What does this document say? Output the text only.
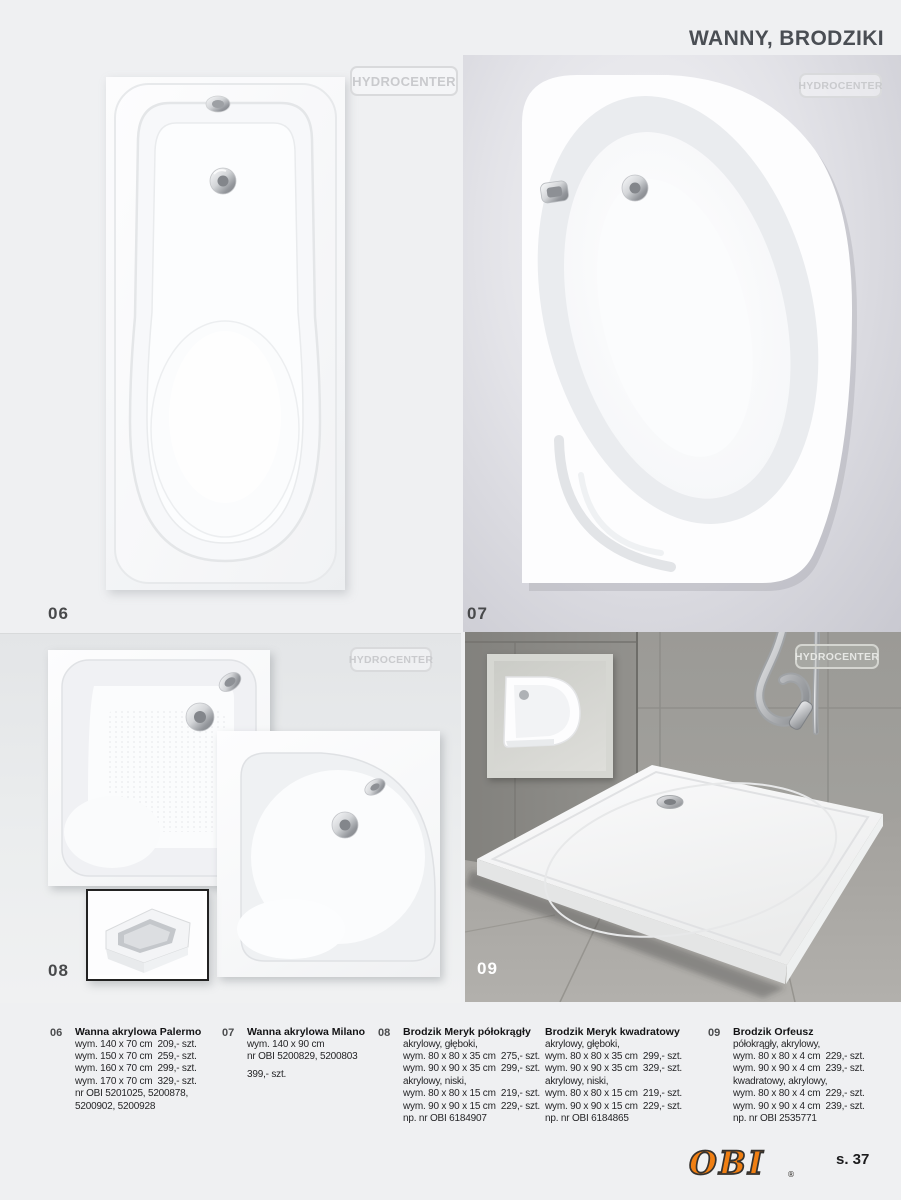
WANNY, BRODZIKI
HYDROCENTER
06
HYDROCENTER
07
HYDROCENTER
08
HYDROCENTER
09
06	Wanna akrylowa Palermo
wym. 140 x 70 cm  209,- szt.
wym. 150 x 70 cm  259,- szt.
wym. 160 x 70 cm  299,- szt.
wym. 170 x 70 cm  329,- szt.
nr OBI 5201025, 5200878,
5200902, 5200928
07	Wanna akrylowa Milano
wym. 140 x 90 cm
nr OBI 5200829, 5200803
399,- szt.
08	Brodzik Meryk półokrągły
akrylowy, głęboki,
wym. 80 x 80 x 35 cm  275,- szt.
wym. 90 x 90 x 35 cm  299,- szt.
akrylowy, niski,
wym. 80 x 80 x 15 cm  219,- szt.
wym. 90 x 90 x 15 cm  229,- szt.
np. nr OBI 6184907
Brodzik Meryk kwadratowy
akrylowy, głęboki,
wym. 80 x 80 x 35 cm  299,- szt.
wym. 90 x 90 x 35 cm  329,- szt.
akrylowy, niski,
wym. 80 x 80 x 15 cm  219,- szt.
wym. 90 x 90 x 15 cm  229,- szt.
np. nr OBI 6184865
09	Brodzik Orfeusz
półokrągły, akrylowy,
wym. 80 x 80 x 4 cm  229,- szt.
wym. 90 x 90 x 4 cm  239,- szt.
kwadratowy, akrylowy,
wym. 80 x 80 x 4 cm  229,- szt.
wym. 90 x 90 x 4 cm  239,- szt.
np. nr OBI 2535771
OBI	®
s. 37
